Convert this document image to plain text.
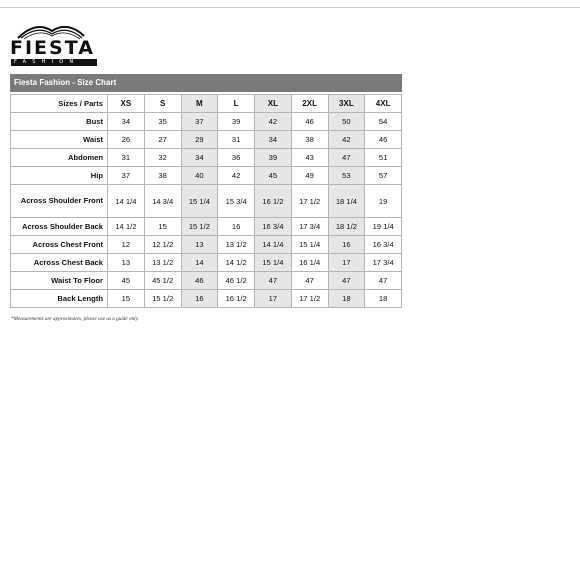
FIESTA
FASHION
Fiesta Fashion - Size Chart
Sizes / Parts	XS	S	M	L	XL	2XL	3XL	4XL
Bust	34	35	37	39	42	46	50	54
Waist	26	27	29	31	34	38	42	46
Abdomen	31	32	34	36	39	43	47	51
Hip	37	38	40	42	45	49	53	57
Across Shoulder Front	14 1/4	14 3/4	15 1/4	15 3/4	16 1/2	17 1/2	18 1/4	19
Across Shoulder Back	14 1/2	15	15 1/2	16	16 3/4	17 3/4	18 1/2	19 1/4
Across Chest Front	12	12 1/2	13	13 1/2	14 1/4	15 1/4	16	16 3/4
Across Chest Back	13	13 1/2	14	14 1/2	15 1/4	16 1/4	17	17 3/4
Waist To Floor	45	45 1/2	46	46 1/2	47	47	47	47
Back Length	15	15 1/2	16	16 1/2	17	17 1/2	18	18
*Measurements are approximates, please use as a guide only.
